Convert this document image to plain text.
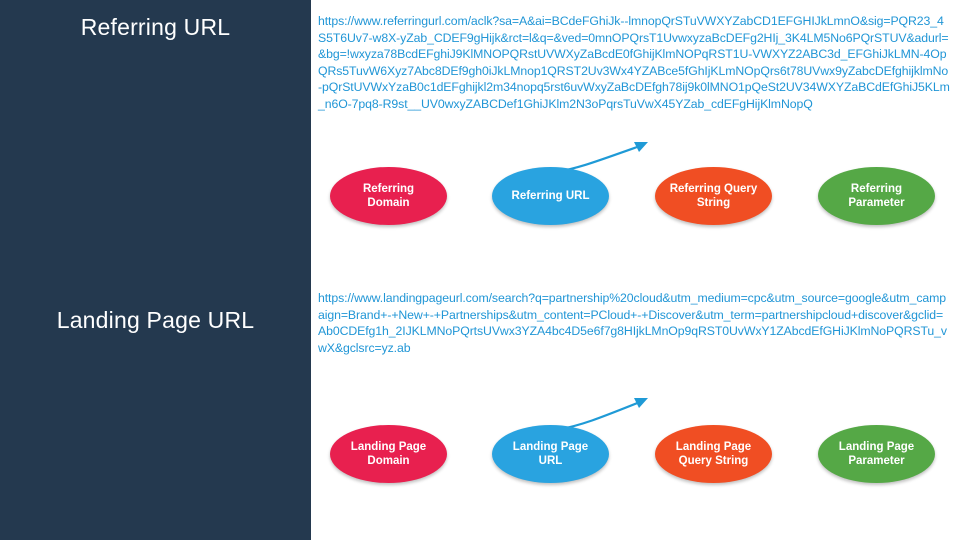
Referring URL
Landing Page URL
https://www.referringurl.com/aclk?sa=A&ai=BCdeFGhiJk--lmnopQrSTuVWXYZabCD1EFGHIJkLmnO&sig=PQR23_4S5T6Uv7-w8X-yZab_CDEF9gHijk&rct=l&q=&ved=0mnOPQrsT1UvwxyzaBcDEFg2HIj_3K4LM5No6PQrSTUV&adurl=&bg=!wxyza78BcdEFghiJ9KlMNOPQRstUVWXyZaBcdE0fGhijKlmNOPqRST1U-VWXYZ2ABC3d_EFGhiJkLMN-4OpQRs5TuvW6Xyz7Abc8DEf9gh0iJkLMnop1QRST2Uv3Wx4YZABce5fGhIjKLmNOpQrs6t78UVwx9yZabcDEfghijklmNo-pQrStUVWxYzaB0c1dEFghijkl2m34nopq5rst6uvWxyZaBcDEfgh78ij9k0lMNO1pQeSt2UV34WXYZaBCdEfGhiJ5KLm_n6O-7pq8-R9st__UV0wxyZABCDef1GhiJKlm2N3oPqrsTuVwX45YZab_cdEFgHijKlmNopQ
https://www.landingpageurl.com/search?q=partnership%20cloud&utm_medium=cpc&utm_source=google&utm_campaign=Brand+-+New+-+Partnerships&utm_content=PCloud+-+Discover&utm_term=partnershipcloud+discover&gclid=Ab0CDEfg1h_2IJKLMNoPQrtsUVwx3YZA4bc4D5e6f7g8HIjkLMnOp9qRST0UvWxY1ZAbcdEfGHiJKlmNoPQRSTu_vwX&gclsrc=yz.ab
Referring
Domain
Referring URL
Referring Query
String
Referring
Parameter
Landing Page
Domain
Landing Page
URL
Landing Page
Query String
Landing Page
Parameter
